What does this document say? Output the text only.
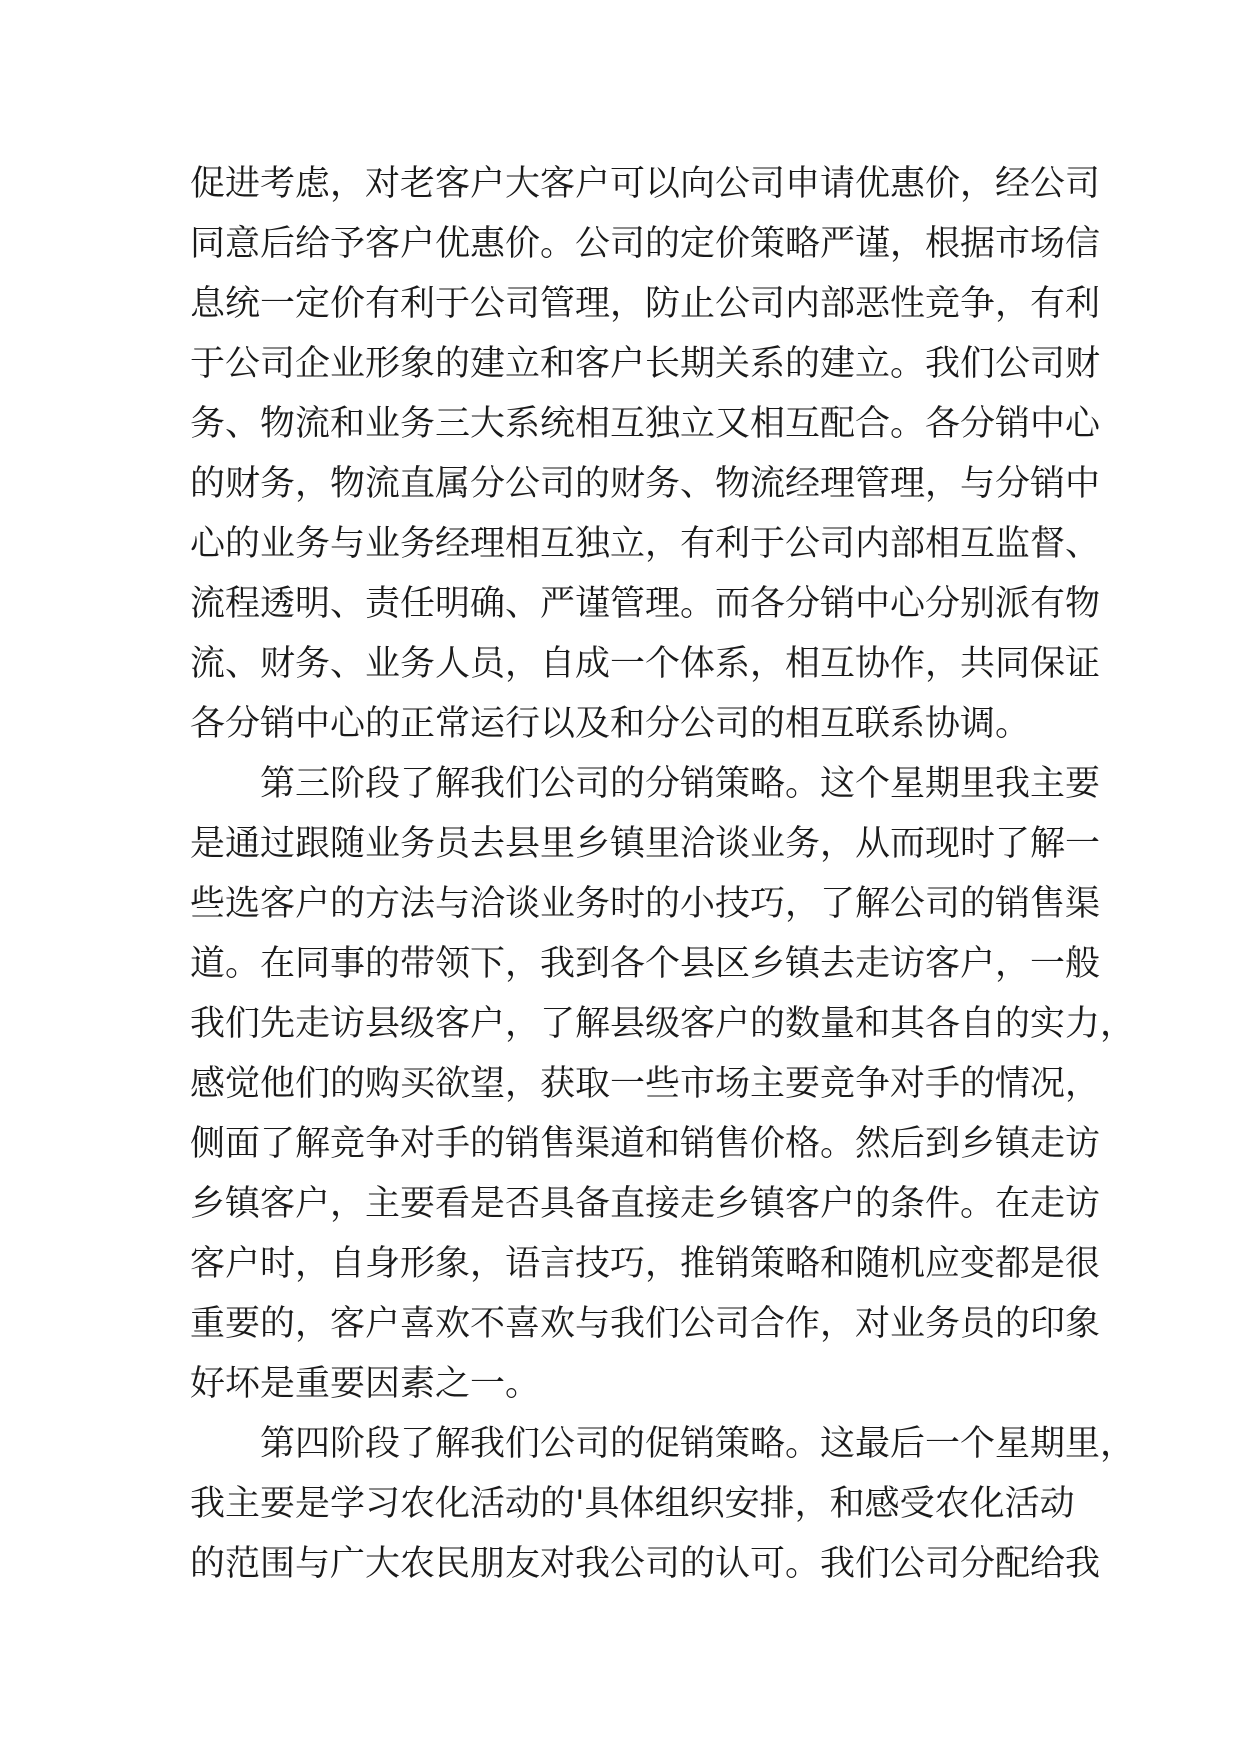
促进考虑，对老客户大客户可以向公司申请优惠价，经公司
同意后给予客户优惠价。公司的定价策略严谨，根据市场信
息统一定价有利于公司管理，防止公司内部恶性竞争，有利
于公司企业形象的建立和客户长期关系的建立。我们公司财
务、物流和业务三大系统相互独立又相互配合。各分销中心
的财务，物流直属分公司的财务、物流经理管理，与分销中
心的业务与业务经理相互独立，有利于公司内部相互监督、
流程透明、责任明确、严谨管理。而各分销中心分别派有物
流、财务、业务人员，自成一个体系，相互协作，共同保证
各分销中心的正常运行以及和分公司的相互联系协调。
第三阶段了解我们公司的分销策略。这个星期里我主要
是通过跟随业务员去县里乡镇里洽谈业务，从而现时了解一
些选客户的方法与洽谈业务时的小技巧，了解公司的销售渠
道。在同事的带领下，我到各个县区乡镇去走访客户，一般
我们先走访县级客户，了解县级客户的数量和其各自的实力，
感觉他们的购买欲望，获取一些市场主要竞争对手的情况，
侧面了解竞争对手的销售渠道和销售价格。然后到乡镇走访
乡镇客户，主要看是否具备直接走乡镇客户的条件。在走访
客户时，自身形象，语言技巧，推销策略和随机应变都是很
重要的，客户喜欢不喜欢与我们公司合作，对业务员的印象
好坏是重要因素之一。
第四阶段了解我们公司的促销策略。这最后一个星期里，
我主要是学习农化活动的'具体组织安排，和感受农化活动
的范围与广大农民朋友对我公司的认可。我们公司分配给我
